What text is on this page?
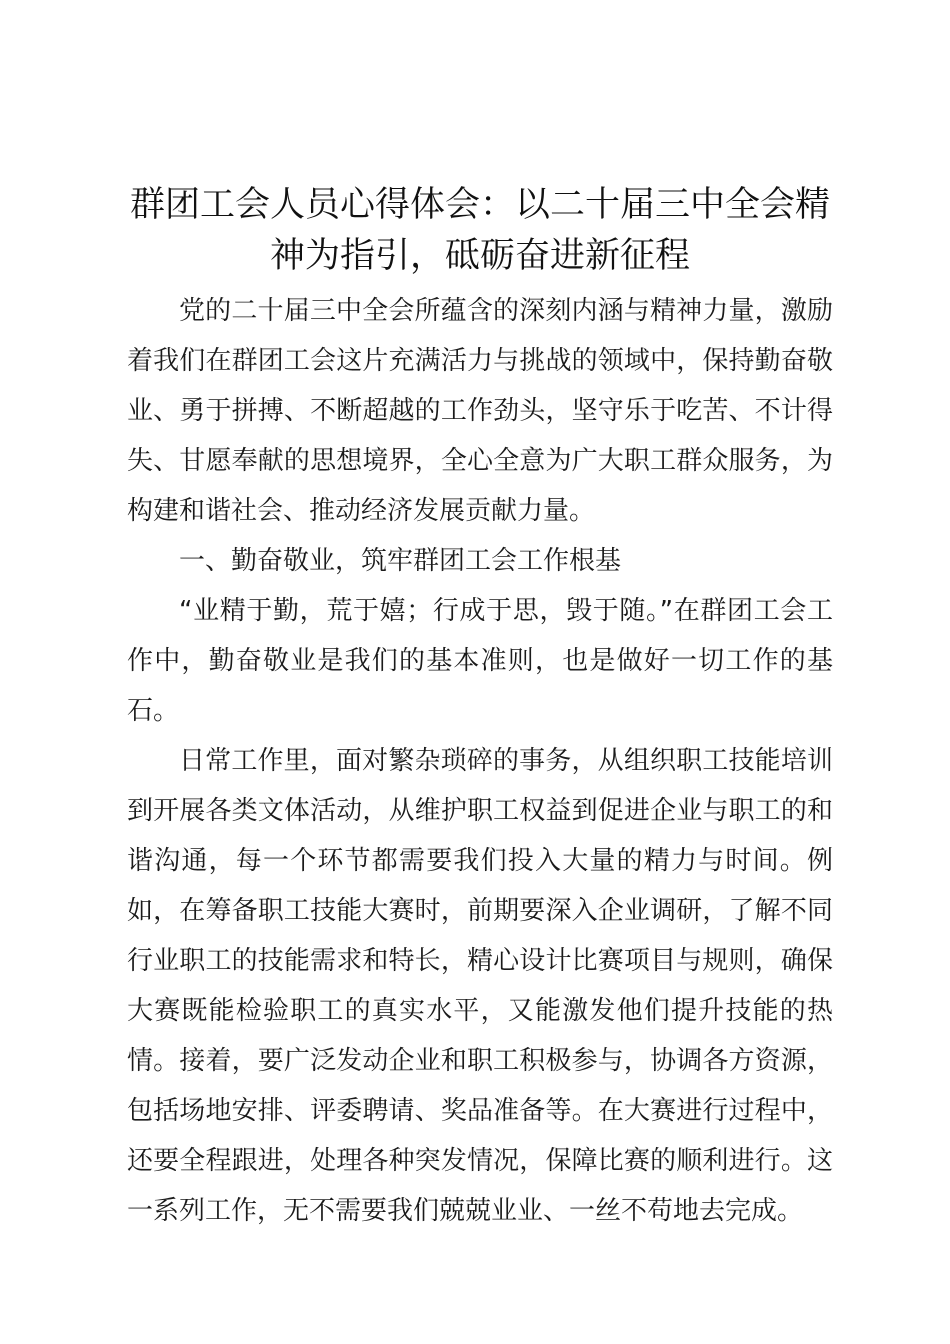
群团工会人员心得体会：以二十届三中全会精神为指引，砥砺奋进新征程

党的二十届三中全会所蕴含的深刻内涵与精神力量，激励着我们在群团工会这片充满活力与挑战的领域中，保持勤奋敬业、勇于拼搏、不断超越的工作劲头，坚守乐于吃苦、不计得失、甘愿奉献的思想境界，全心全意为广大职工群众服务，为构建和谐社会、推动经济发展贡献力量。

一、勤奋敬业，筑牢群团工会工作根基

“业精于勤，荒于嬉；行成于思，毁于随。”在群团工会工作中，勤奋敬业是我们的基本准则，也是做好一切工作的基石。

日常工作里，面对繁杂琐碎的事务，从组织职工技能培训到开展各类文体活动，从维护职工权益到促进企业与职工的和谐沟通，每一个环节都需要我们投入大量的精力与时间。例如，在筹备职工技能大赛时，前期要深入企业调研，了解不同行业职工的技能需求和特长，精心设计比赛项目与规则，确保大赛既能检验职工的真实水平，又能激发他们提升技能的热情。接着，要广泛发动企业和职工积极参与，协调各方资源，包括场地安排、评委聘请、奖品准备等。在大赛进行过程中，还要全程跟进，处理各种突发情况，保障比赛的顺利进行。这一系列工作，无不需要我们兢兢业业、一丝不苟地去完成。
